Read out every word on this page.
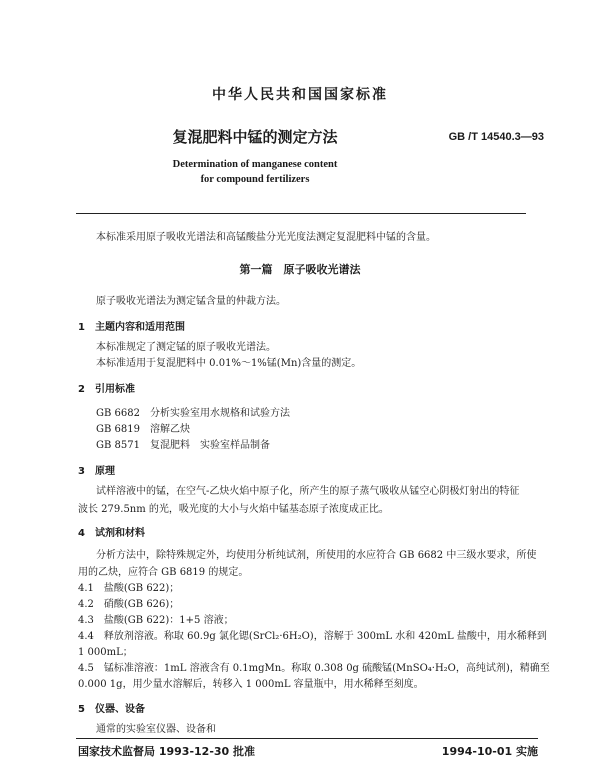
中华人民共和国国家标准
复混肥料中锰的测定方法	GB /T 14540.3—93
Determination of manganese content
for compound fertilizers
本标准采用原子吸收光谱法和高锰酸盐分光光度法测定复混肥料中锰的含量。
第一篇　原子吸收光谱法
原子吸收光谱法为测定锰含量的仲裁方法。
1　主题内容和适用范围
本标准规定了测定锰的原子吸收光谱法。
本标准适用于复混肥料中 0.01%～1%锰(Mn)含量的测定。
2　引用标准
GB 6682　分析实验室用水规格和试验方法
GB 6819　溶解乙炔
GB 8571　复混肥料　实验室样品制备
3　原理
试样溶液中的锰，在空气-乙炔火焰中原子化，所产生的原子蒸气吸收从锰空心阴极灯射出的特征
波长 279.5nm 的光，吸光度的大小与火焰中锰基态原子浓度成正比。
4　试剂和材料
分析方法中，除特殊规定外，均使用分析纯试剂，所使用的水应符合 GB 6682 中三级水要求，所使
用的乙炔，应符合 GB 6819 的规定。
4.1　盐酸(GB 622)；
4.2　硝酸(GB 626)；
4.3　盐酸(GB 622)：1+5 溶液；
4.4　释放剂溶液。称取 60.9g 氯化锶(SrCl₂·6H₂O)，溶解于 300mL 水和 420mL 盐酸中，用水稀释到
1 000mL；
4.5　锰标准溶液：1mL 溶液含有 0.1mgMn。称取 0.308 0g 硫酸锰(MnSO₄·H₂O，高纯试剂)，精确至
0.000 1g，用少量水溶解后，转移入 1 000mL 容量瓶中，用水稀释至刻度。
5　仪器、设备
通常的实验室仪器、设备和
国家技术监督局 1993-12-30 批准	1994-10-01 实施
